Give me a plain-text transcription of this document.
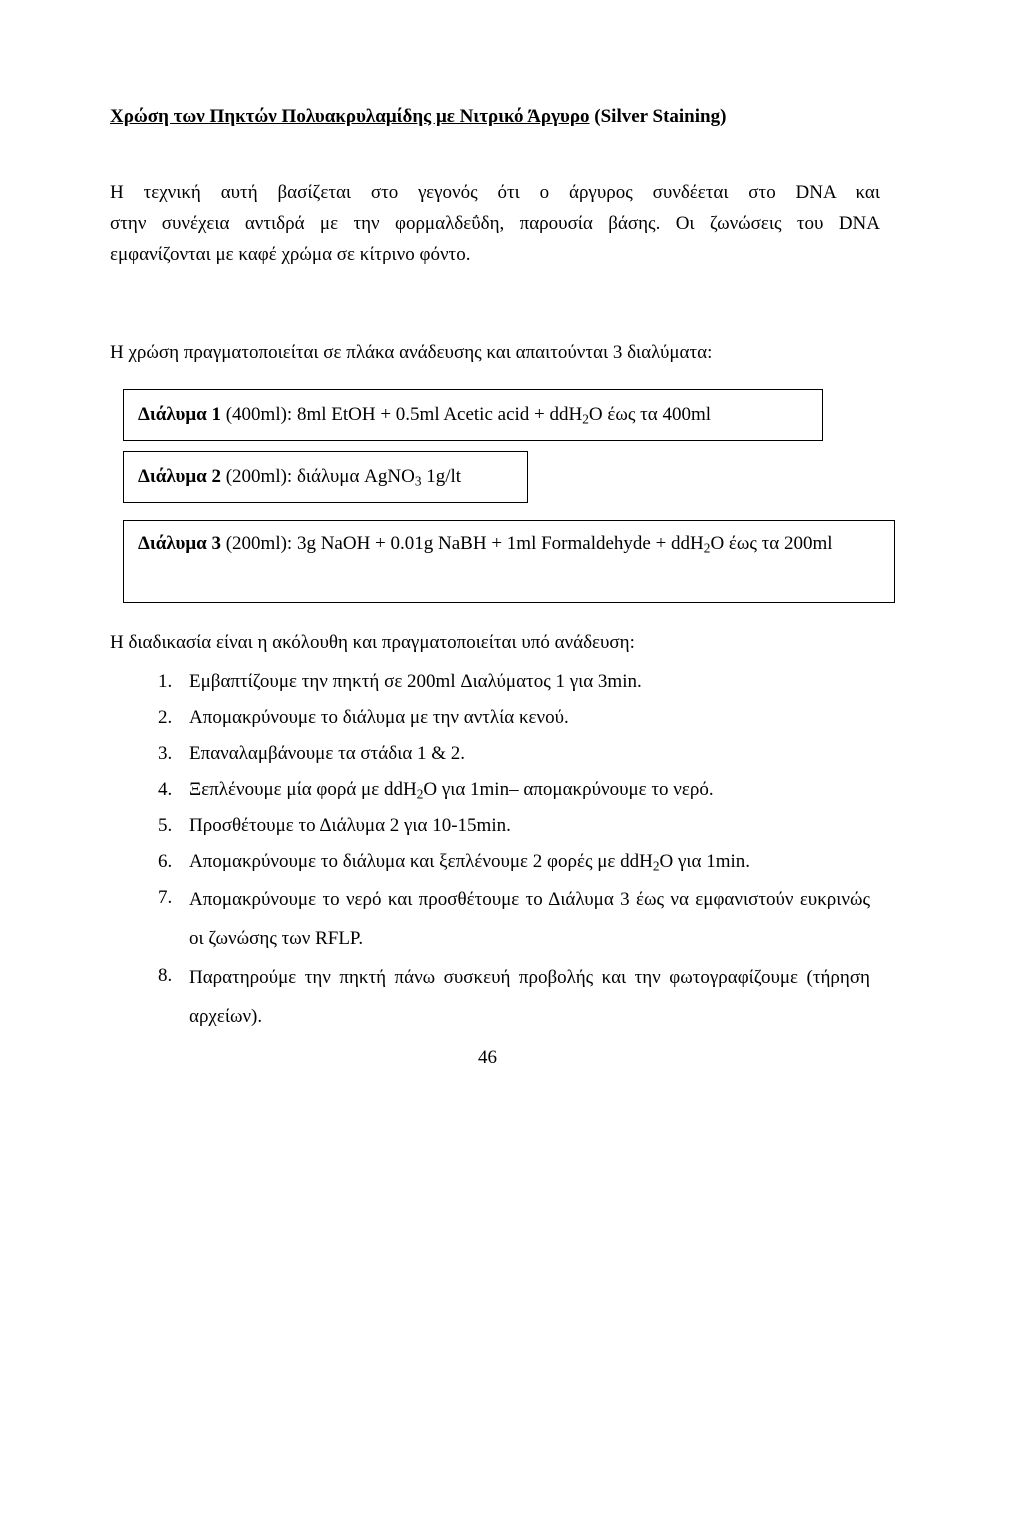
Χρώση των Πηκτών Πολυακρυλαμίδης με Νιτρικό Άργυρο (Silver Staining)
Η τεχνική αυτή βασίζεται στο γεγονός ότι ο άργυρος συνδέεται στο DNA και
στην συνέχεια αντιδρά με την φορμαλδεΰδη, παρουσία βάσης. Οι ζωνώσεις του DNA
εμφανίζονται με καφέ χρώμα σε κίτρινο φόντο.
Η χρώση πραγματοποιείται σε πλάκα ανάδευσης και απαιτούνται 3 διαλύματα:
Διάλυμα 1 (400ml): 8ml EtOH + 0.5ml Acetic acid + ddH$_2$O έως τα 400ml
Διάλυμα 2 (200ml): διάλυμα AgNO$_3$ 1g/lt
Διάλυμα 3 (200ml): 3g NaOH + 0.01g NaBH + 1ml Formaldehyde + ddH$_2$O έως τα 200ml
Η διαδικασία είναι η ακόλουθη και πραγματοποιείται υπό ανάδευση:
1. Εμβαπτίζουμε την πηκτή σε 200ml Διαλύματος 1 για 3min.
2. Απομακρύνουμε το διάλυμα με την αντλία κενού.
3. Επαναλαμβάνουμε τα στάδια 1 & 2.
4. Ξεπλένουμε μία φορά με ddH$_2$O για 1min– απομακρύνουμε το νερό.
5. Προσθέτουμε το Διάλυμα 2 για 10-15min.
6. Απομακρύνουμε το διάλυμα και ξεπλένουμε 2 φορές με ddH$_2$O για 1min.
7. Απομακρύνουμε το νερό και προσθέτουμε το Διάλυμα 3 έως να εμφανιστούν ευκρινώς οι ζωνώσης των RFLP.
8. Παρατηρούμε την πηκτή πάνω συσκευή προβολής και την φωτογραφίζουμε (τήρηση αρχείων).
46
